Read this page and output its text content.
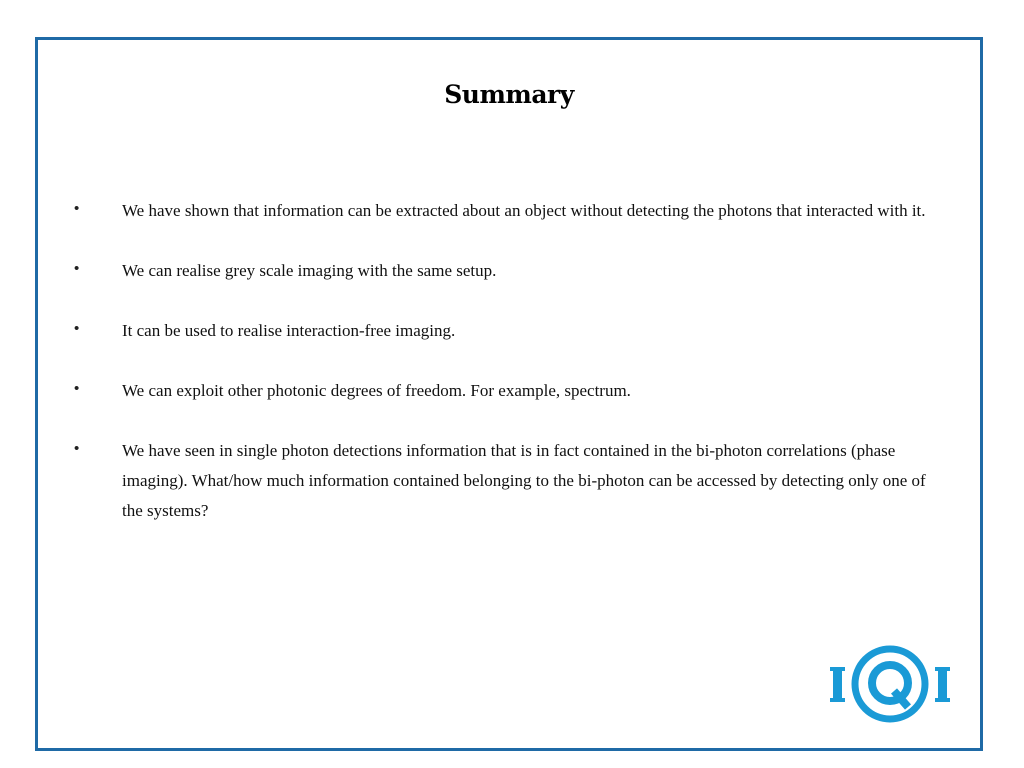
Summary
•	We have shown that information can be extracted about an object without detecting the photons that interacted with it.
•	We can realise grey scale imaging with the same setup.
•	It can be used to realise interaction-free imaging.
•	We can exploit other photonic degrees of freedom. For example, spectrum.
•	We have seen in single photon detections information that is in fact contained in the bi-photon correlations (phase imaging). What/how much information contained belonging to the bi-photon can be accessed by detecting only one of the systems?
